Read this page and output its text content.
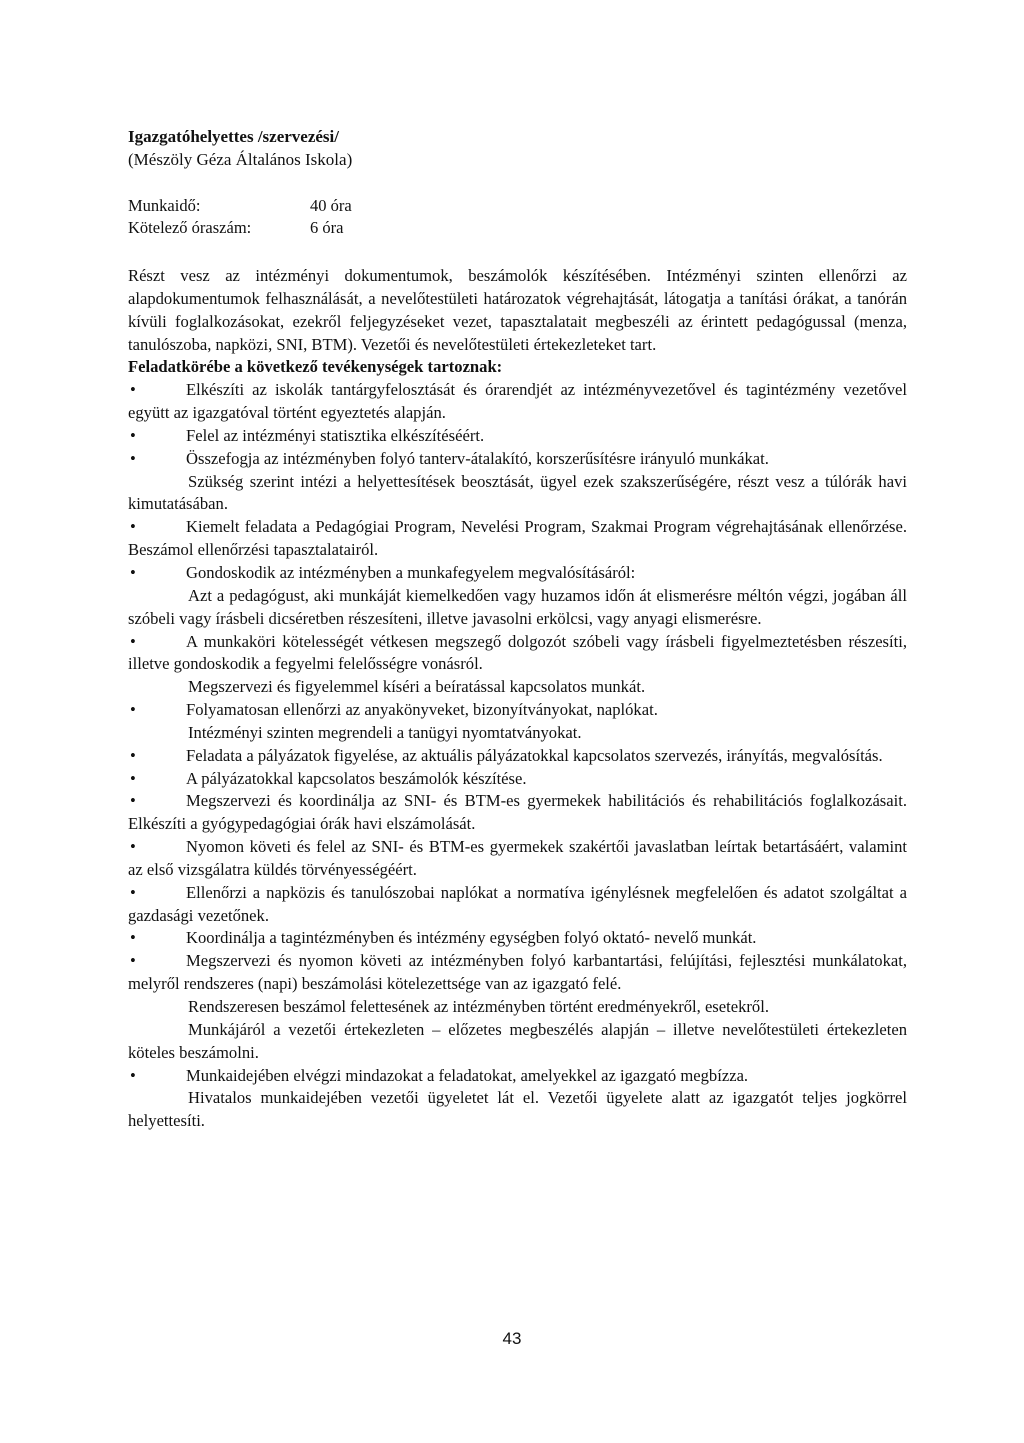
Igazgatóhelyettes /szervezési/

(Mészöly Géza Általános Iskola)

Munkaidő:	40 óra
Kötelező óraszám:	6 óra

Részt vesz az intézményi dokumentumok, beszámolók készítésében. Intézményi szinten ellenőrzi az alapdokumentumok felhasználását, a nevelőtestületi határozatok végrehajtását, látogatja a tanítási órákat, a tanórán kívüli foglalkozásokat, ezekről feljegyzéseket vezet, tapasztalatait megbeszéli az érintett pedagógussal (menza, tanulószoba, napközi, SNI, BTM). Vezetői és nevelőtestületi értekezleteket tart.

Feladatkörébe a következő tevékenységek tartoznak:

• Elkészíti az iskolák tantárgyfelosztását és órarendjét az intézményvezetővel és tagintézmény vezetővel együtt az igazgatóval történt egyeztetés alapján.

• Felel az intézményi statisztika elkészítéséért.

• Összefogja az intézményben folyó tanterv-átalakító, korszerűsítésre irányuló munkákat.

Szükség szerint intézi a helyettesítések beosztását, ügyel ezek szakszerűségére, részt vesz a túlórák havi kimutatásában.

• Kiemelt feladata a Pedagógiai Program, Nevelési Program, Szakmai Program végrehajtásának ellenőrzése. Beszámol ellenőrzési tapasztalatairól.

• Gondoskodik az intézményben a munkafegyelem megvalósításáról:

Azt a pedagógust, aki munkáját kiemelkedően vagy huzamos időn át elismerésre méltón végzi, jogában áll szóbeli vagy írásbeli dicséretben részesíteni, illetve javasolni erkölcsi, vagy anyagi elismerésre.

• A munkaköri kötelességét vétkesen megszegő dolgozót szóbeli vagy írásbeli figyelmeztetésben részesíti, illetve gondoskodik a fegyelmi felelősségre vonásról.

Megszervezi és figyelemmel kíséri a beíratással kapcsolatos munkát.

• Folyamatosan ellenőrzi az anyakönyveket, bizonyítványokat, naplókat.

Intézményi szinten megrendeli a tanügyi nyomtatványokat.

• Feladata a pályázatok figyelése, az aktuális pályázatokkal kapcsolatos szervezés, irányítás, megvalósítás.

• A pályázatokkal kapcsolatos beszámolók készítése.

• Megszervezi és koordinálja az SNI- és BTM-es gyermekek habilitációs és rehabilitációs foglalkozásait. Elkészíti a gyógypedagógiai órák havi elszámolását.

• Nyomon követi és felel az SNI- és BTM-es gyermekek szakértői javaslatban leírtak betartásáért, valamint az első vizsgálatra küldés törvényességéért.

• Ellenőrzi a napközis és tanulószobai naplókat a normatíva igénylésnek megfelelően és adatot szolgáltat a gazdasági vezetőnek.

• Koordinálja a tagintézményben és intézmény egységben folyó oktató- nevelő munkát.

• Megszervezi és nyomon követi az intézményben folyó karbantartási, felújítási, fejlesztési munkálatokat, melyről rendszeres (napi) beszámolási kötelezettsége van az igazgató felé.

Rendszeresen beszámol felettesének az intézményben történt eredményekről, esetekről.

Munkájáról a vezetői értekezleten – előzetes megbeszélés alapján – illetve nevelőtestületi értekezleten köteles beszámolni.

• Munkaidejében elvégzi mindazokat a feladatokat, amelyekkel az igazgató megbízza.

Hivatalos munkaidejében vezetői ügyeletet lát el. Vezetői ügyelete alatt az igazgatót teljes jogkörrel helyettesíti.

43
